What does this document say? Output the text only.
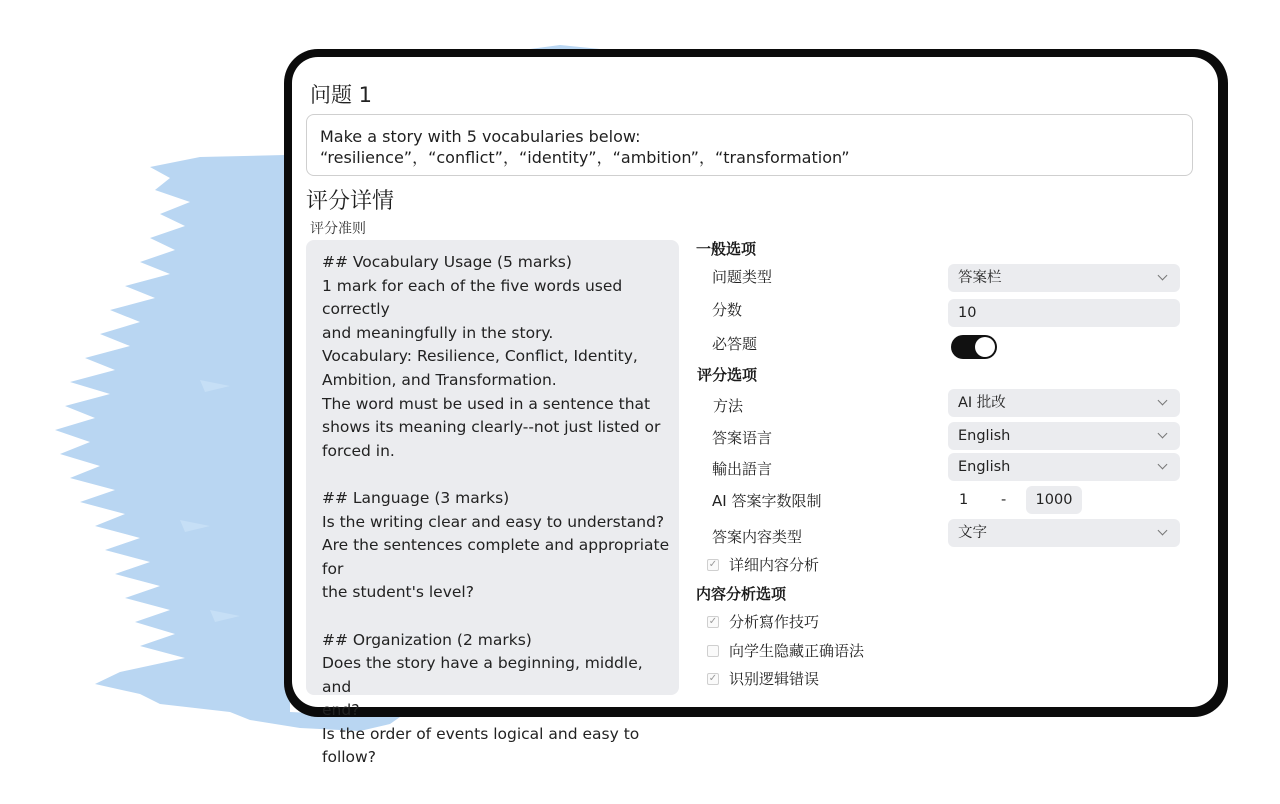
问题 1
Make a story with 5 vocabularies below:
“resilience”，“conflict”，“identity”，“ambition”，“transformation”
评分详情
评分准则
## Vocabulary Usage (5 marks)
1 mark for each of the five words used correctly
and meaningfully in the story.
Vocabulary: Resilience, Conflict, Identity,
Ambition, and Transformation.
The word must be used in a sentence that
shows its meaning clearly--not just listed or
forced in.
## Language (3 marks)
Is the writing clear and easy to understand?
Are the sentences complete and appropriate for
the student's level?
## Organization (2 marks)
Does the story have a beginning, middle, and
end?
Is the order of events logical and easy to follow?
一般选项
问题类型	答案栏
分数	10
必答题
评分选项
方法	AI 批改
答案语言	English
輸出語言	English
AI 答案字数限制	1 -	1000
答案内容类型	文字
✓ 详细内容分析
内容分析选项
✓ 分析寫作技巧
向学生隐藏正确语法
✓ 识别逻辑错误
